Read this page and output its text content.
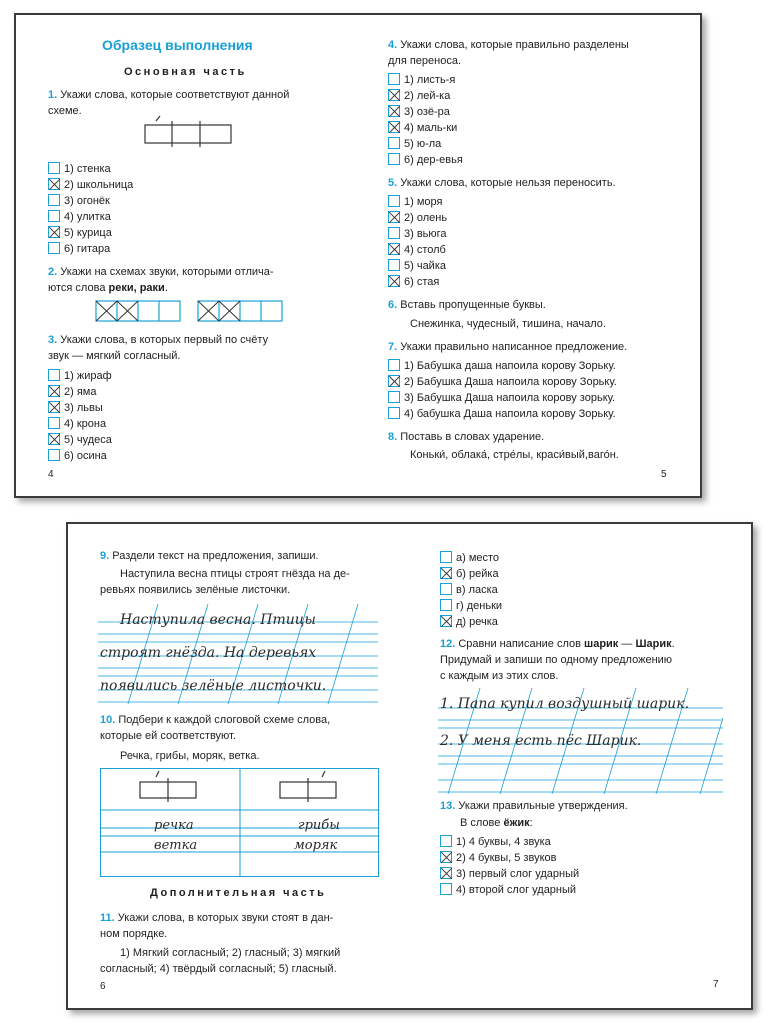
Образец выполнения
Основная часть
1. Укажи слова, которые соответствуют данной
схеме.
1) стенка
2) школьница
3) огонёк
4) улитка
5) курица
6) гитара
2. Укажи на схемах звуки, которыми отлича-
ются слова реки, раки.
3. Укажи слова, в которых первый по счёту
звук — мягкий согласный.
1) жираф
2) яма
3) львы
4) крона
5) чудеса
6) осина
4
4. Укажи слова, которые правильно разделены
для переноса.
1) листь-я
2) лей-ка
3) озё-ра
4) маль-ки
5) ю-ла
6) дер-евья
5. Укажи слова, которые нельзя переносить.
1) моря
2) олень
3) вьюга
4) столб
5) чайка
6) стая
6. Вставь пропущенные буквы.
Снежинка, чудесный, тишина, начало.
7. Укажи правильно написанное предложение.
1) Бабушка даша напоила корову Зорьку.
2) Бабушка Даша напоила корову Зорьку.
3) Бабушка Даша напоила корову зорьку.
4) бабушка Даша напоила корову Зорьку.
8. Поставь в словах ударение.
Коньки́, облака́, стре́лы, краси́вый,ваго́н.
5
9. Раздели текст на предложения, запиши.
Наступила весна птицы строят гнёзда на де-
ревьях появились зелёные листочки.
Наступила весна. Птицы
строят гнёзда. На деревьях
появились зелёные листочки.
10. Подбери к каждой слоговой схеме слова,
которые ей соответствуют.
Речка, грибы, моряк, ветка.
речка
ветка
грибы
моряк
Дополнительная часть
11. Укажи слова, в которых звуки стоят в дан-
ном порядке.
1) Мягкий согласный; 2) гласный; 3) мягкий
согласный; 4) твёрдый согласный; 5) гласный.
6
а) место
б) рейка
в) ласка
г) деньки
д) речка
12. Сравни написание слов шарик — Шарик.
Придумай и запиши по одному предложению
с каждым из этих слов.
1. Папа купил воздушный шарик.
2. У меня есть пёс Шарик.
13. Укажи правильные утверждения.
В слове ёжик:
1) 4 буквы, 4 звука
2) 4 буквы, 5 звуков
3) первый слог ударный
4) второй слог ударный
7
